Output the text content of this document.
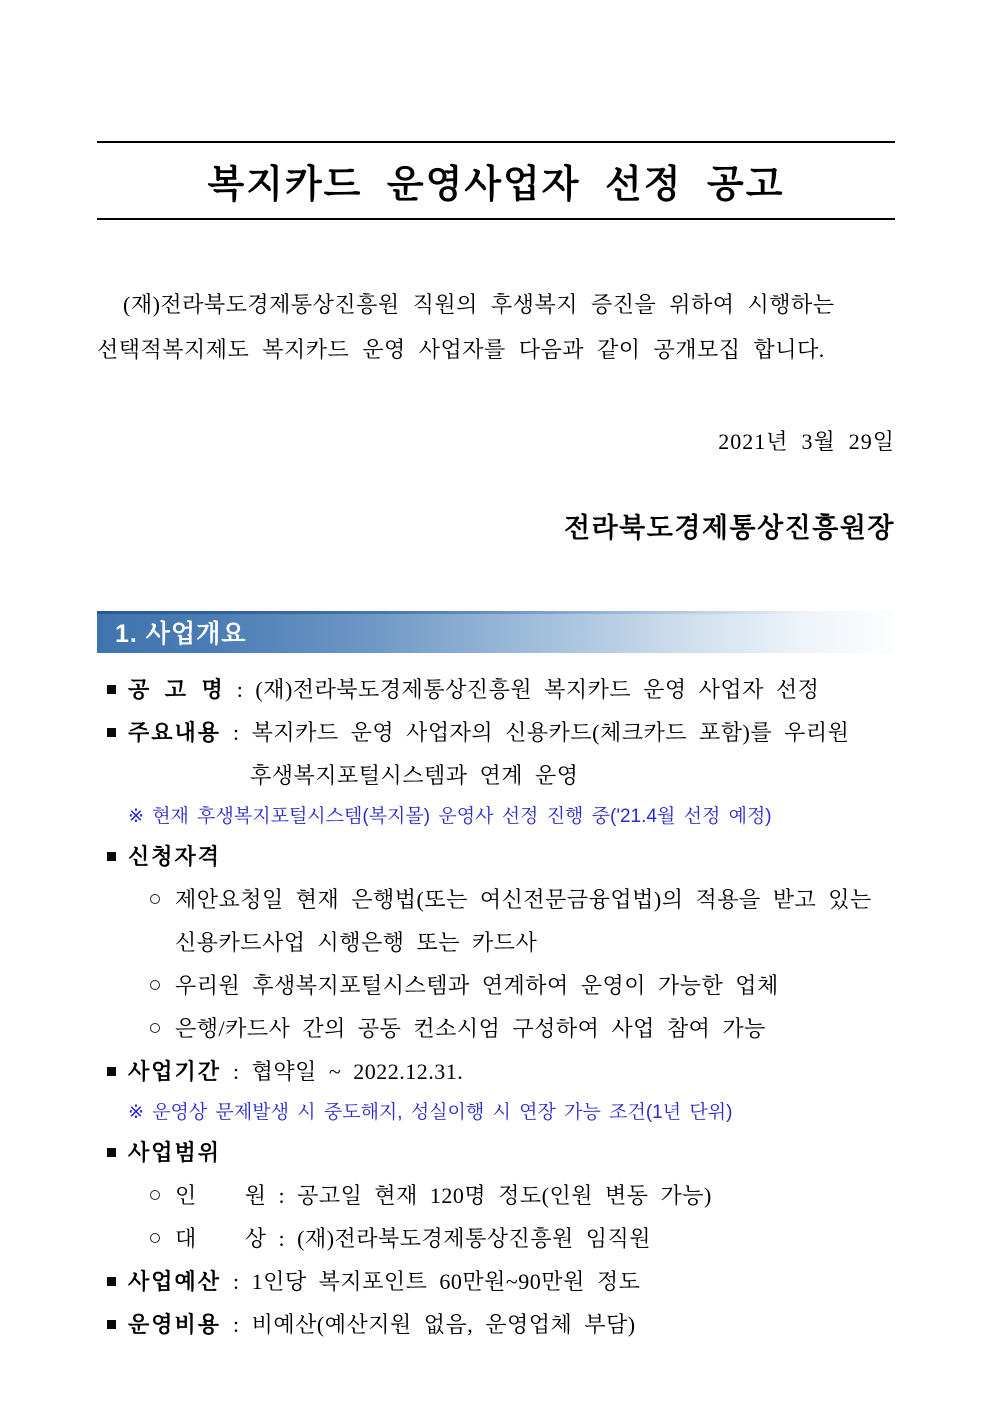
복지카드 운영사업자 선정 공고
(재)전라북도경제통상진흥원 직원의 후생복지 증진을 위하여 시행하는
선택적복지제도 복지카드 운영 사업자를 다음과 같이 공개모집 합니다.
2021년  3월  29일
전라북도경제통상진흥원장
1. 사업개요
공 고 명 : (재)전라북도경제통상진흥원 복지카드 운영 사업자 선정
주요내용 : 복지카드 운영 사업자의 신용카드(체크카드 포함)를 우리원
후생복지포털시스템과 연계 운영
※ 현재 후생복지포털시스템(복지몰) 운영사 선정 진행 중('21.4월 선정 예정)
신청자격
제안요청일 현재 은행법(또는 여신전문금융업법)의 적용을 받고 있는
신용카드사업 시행은행 또는 카드사
우리원 후생복지포털시스템과 연계하여 운영이 가능한 업체
은행/카드사 간의 공동 컨소시엄 구성하여 사업 참여 가능
사업기간 : 협약일 ~ 2022.12.31.
※ 운영상 문제발생 시 중도해지, 성실이행 시 연장 가능 조건(1년 단위)
사업범위
인    원 : 공고일 현재 120명 정도(인원 변동 가능)
대    상 : (재)전라북도경제통상진흥원 임직원
사업예산 : 1인당 복지포인트 60만원~90만원 정도
운영비용 : 비예산(예산지원 없음, 운영업체 부담)
